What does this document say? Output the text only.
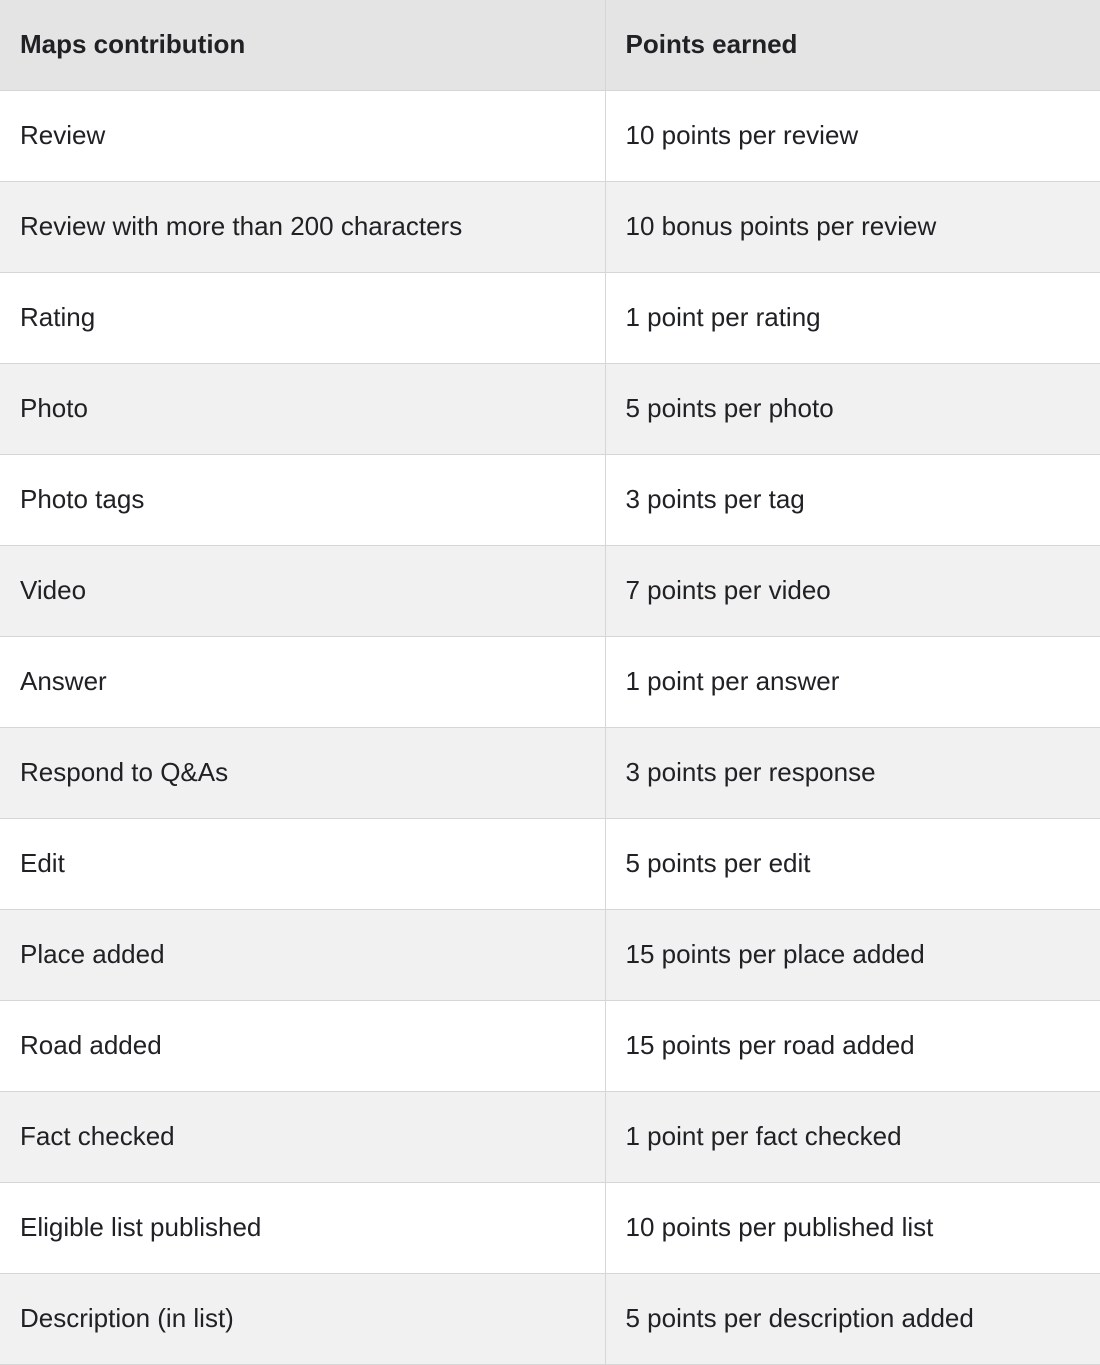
Maps contribution	Points earned
Review	10 points per review
Review with more than 200 characters	10 bonus points per review
Rating	1 point per rating
Photo	5 points per photo
Photo tags	3 points per tag
Video	7 points per video
Answer	1 point per answer
Respond to Q&As	3 points per response
Edit	5 points per edit
Place added	15 points per place added
Road added	15 points per road added
Fact checked	1 point per fact checked
Eligible list published	10 points per published list
Description (in list)	5 points per description added
